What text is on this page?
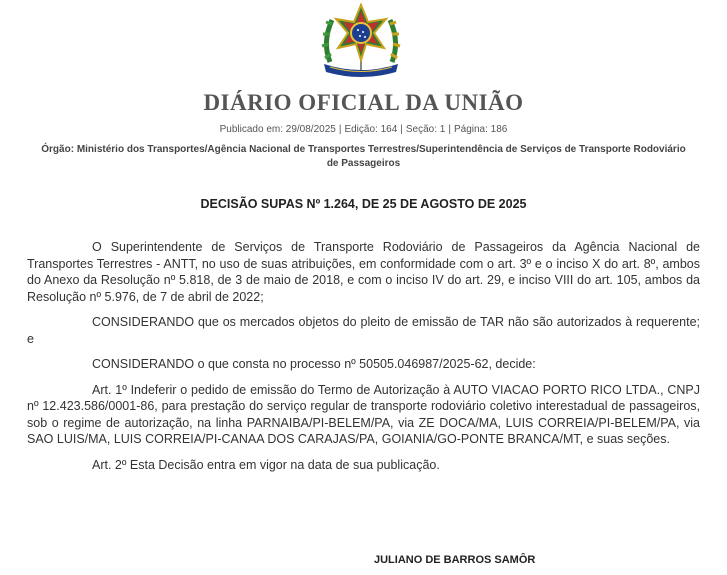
DIÁRIO OFICIAL DA UNIÃO
Publicado em: 29/08/2025 | Edição: 164 | Seção: 1 | Página: 186
Órgão: Ministério dos Transportes/Agência Nacional de Transportes Terrestres/Superintendência de Serviços de Transporte Rodoviário de Passageiros
DECISÃO SUPAS Nº 1.264, DE 25 DE AGOSTO DE 2025

O Superintendente de Serviços de Transporte Rodoviário de Passageiros da Agência Nacional de Transportes Terrestres - ANTT, no uso de suas atribuições, em conformidade com o art. 3º e o inciso X do art. 8º, ambos do Anexo da Resolução nº 5.818, de 3 de maio de 2018, e com o inciso IV do art. 29, e inciso VIII do art. 105, ambos da Resolução nº 5.976, de 7 de abril de 2022;

CONSIDERANDO que os mercados objetos do pleito de emissão de TAR não são autorizados à requerente; e

CONSIDERANDO o que consta no processo nº 50505.046987/2025-62, decide:

Art. 1º Indeferir o pedido de emissão do Termo de Autorização à AUTO VIACAO PORTO RICO LTDA., CNPJ nº 12.423.586/0001-86, para prestação do serviço regular de transporte rodoviário coletivo interestadual de passageiros, sob o regime de autorização, na linha PARNAIBA/PI-BELEM/PA, via ZE DOCA/MA, LUIS CORREIA/PI-BELEM/PA, via SAO LUIS/MA, LUIS CORREIA/PI-CANAA DOS CARAJAS/PA, GOIANIA/GO-PONTE BRANCA/MT, e suas seções.

Art. 2º Esta Decisão entra em vigor na data de sua publicação.

JULIANO DE BARROS SAMÔR
